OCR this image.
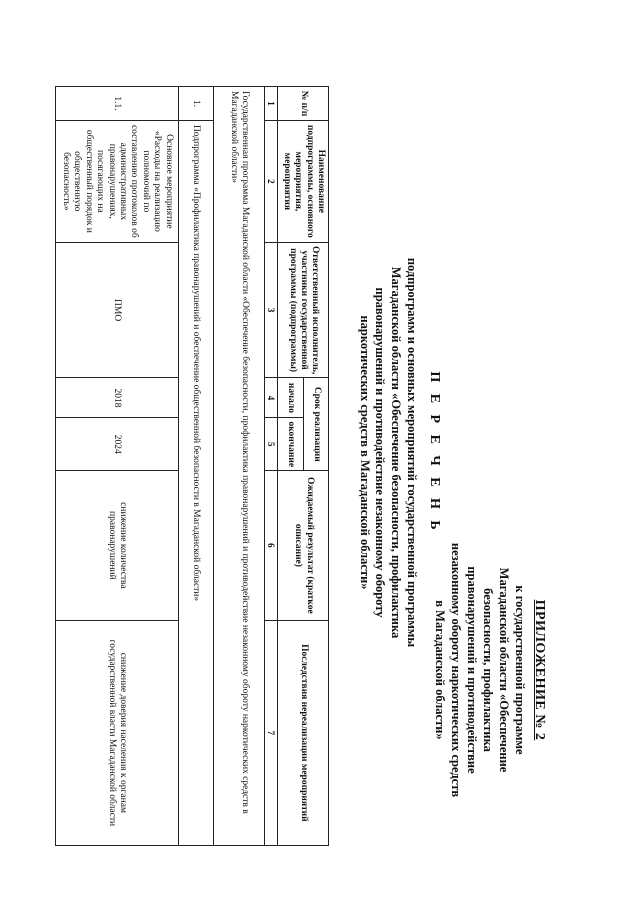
ПРИЛОЖЕНИЕ № 2
к государственной программе
Магаданской области «Обеспечение
безопасности, профилактика
правонарушений и противодействие
незаконному обороту наркотических средств
в Магаданской области»
П Е Р Е Ч Е Н Ь
подпрограмм и основных мероприятий государственной программы
Магаданской области «Обеспечение безопасности, профилактика
правонарушений и противодействие незаконному обороту
наркотических средств в Магаданской области»
№ п/п	Наименование подпрограммы, основного мероприятия, мероприятия	Ответственный исполнитель, участники государственной программы (подпрограммы)	Срок реализации		Ожидаемый результат (краткое описание)	Последствия нереализации мероприятий
			начало	окончание		
1	2	3	4	5	6	7
Государственная программа Магаданской области «Обеспечение безопасности, профилактика правонарушений и противодействие незаконному обороту наркотических средств в Магаданской области»						
1.	Подпрограмма «Профилактика правонарушений и обеспечение общественной безопасности в Магаданской области»					
1.1.	Основное мероприятие «Расходы на реализацию полномочий по составлению протоколов об административных правонарушениях, посягающих на общественный порядок и общественную безопасность»	ПМО	2018	2024	снижение количества правонарушений	снижение доверия населения к органам государственной власти Магаданской области
